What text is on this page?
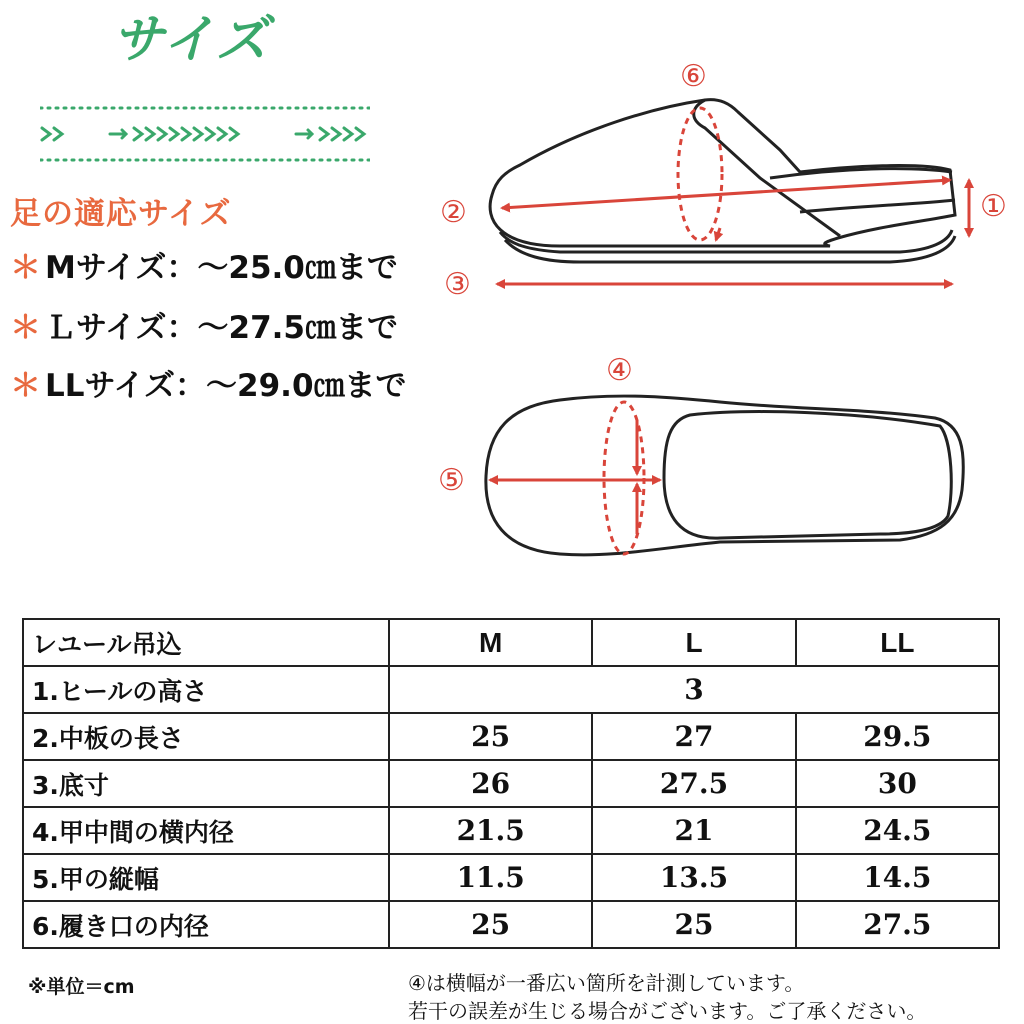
サイズ
足の適応サイズ
＊ Mサイズ：～25.0㎝まで
＊ Ｌサイズ：～27.5㎝まで
＊ LLサイズ：～29.0㎝まで
⑥
②	①
③
④
⑤
レユール吊込	M	L	LL
1.ヒールの高さ	3		
2.中板の長さ	25	27	29.5
3.底寸	26	27.5	30
4.甲中間の横内径	21.5	21	24.5
5.甲の縦幅	11.5	13.5	14.5
6.履き口の内径	25	25	27.5
※単位＝cm	④は横幅が一番広い箇所を計測しています。
若干の誤差が生じる場合がございます。ご了承ください。
